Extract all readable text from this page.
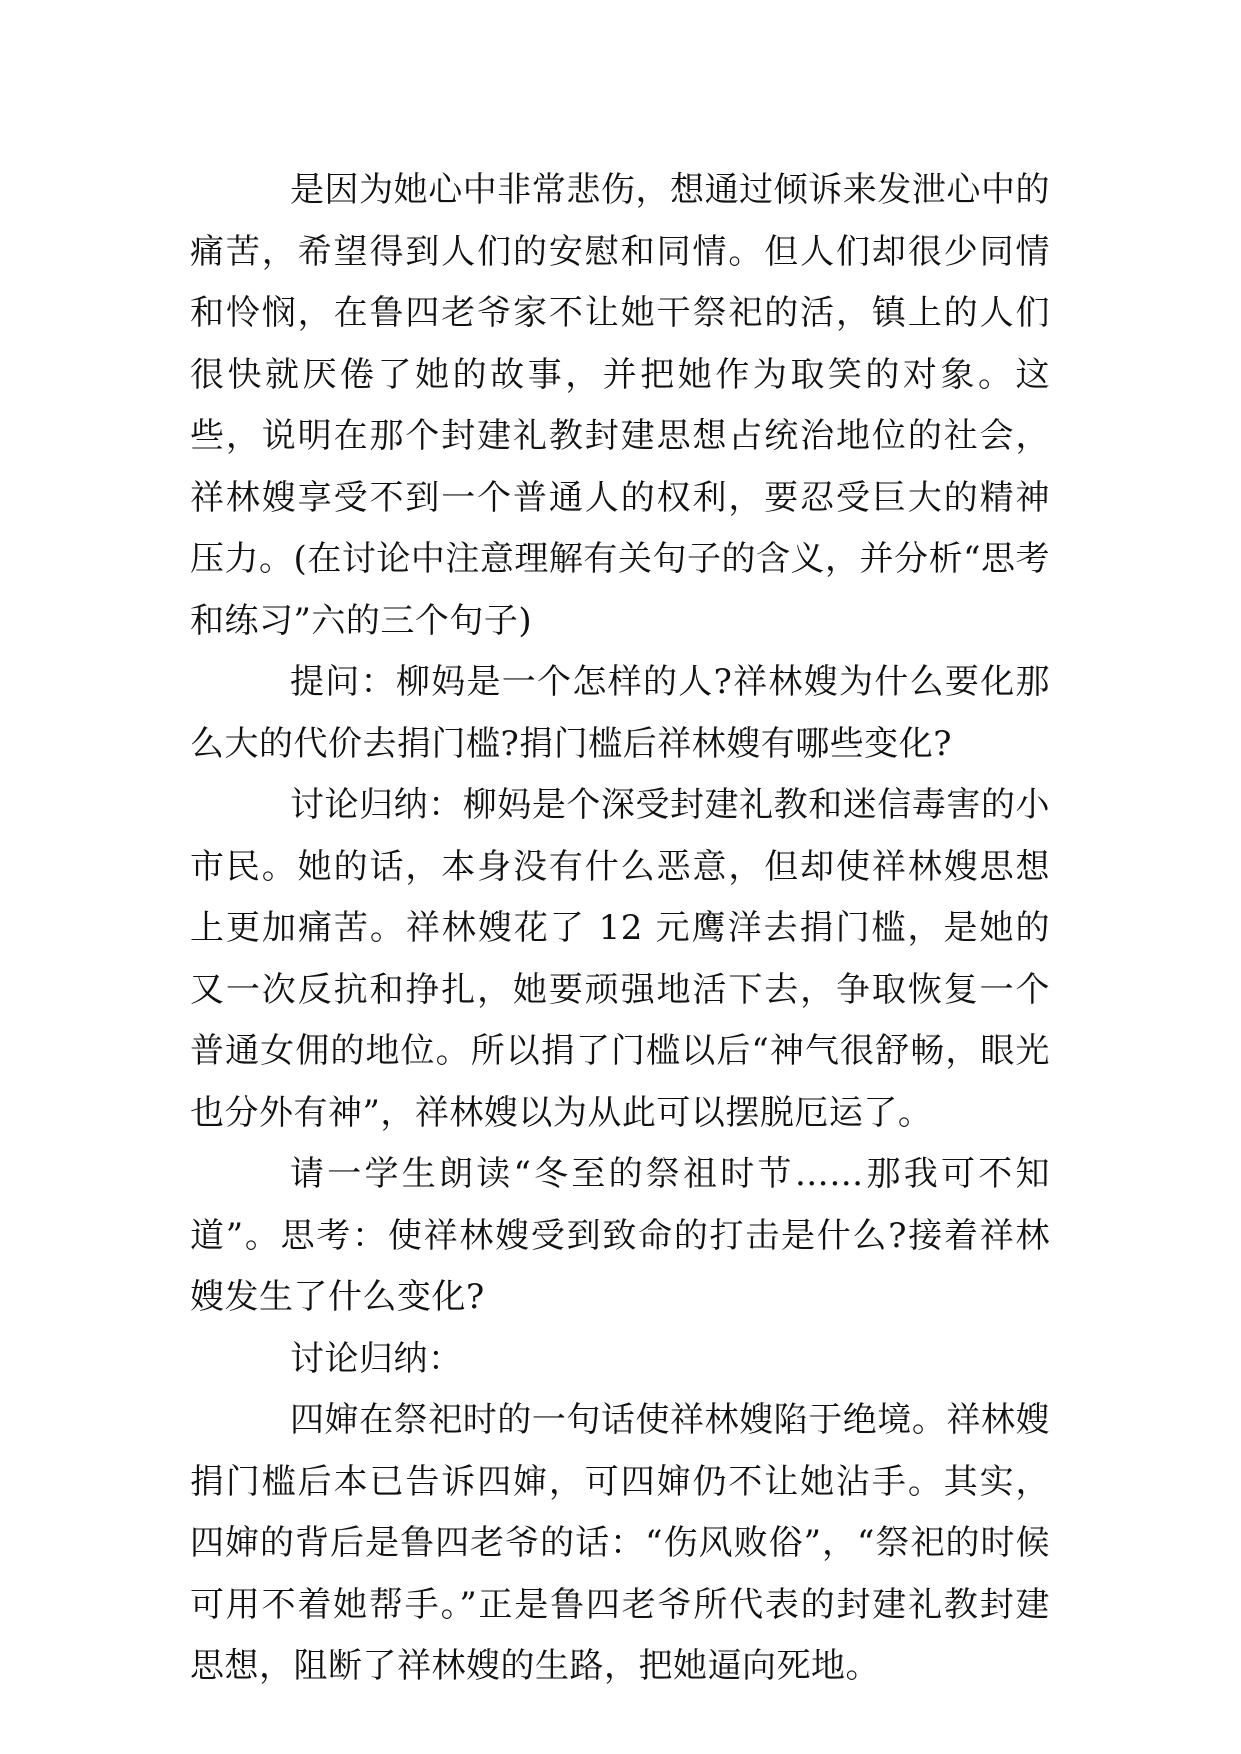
是因为她心中非常悲伤，想通过倾诉来发泄心中的痛苦，希望得到人们的安慰和同情。但人们却很少同情和怜悯，在鲁四老爷家不让她干祭祀的活，镇上的人们很快就厌倦了她的故事，并把她作为取笑的对象。这些，说明在那个封建礼教封建思想占统治地位的社会，祥林嫂享受不到一个普通人的权利，要忍受巨大的精神压力。(在讨论中注意理解有关句子的含义，并分析“思考和练习”六的三个句子)

提问：柳妈是一个怎样的人?祥林嫂为什么要化那么大的代价去捐门槛?捐门槛后祥林嫂有哪些变化?

讨论归纳：柳妈是个深受封建礼教和迷信毒害的小市民。她的话，本身没有什么恶意，但却使祥林嫂思想上更加痛苦。祥林嫂花了 12 元鹰洋去捐门槛，是她的又一次反抗和挣扎，她要顽强地活下去，争取恢复一个普通女佣的地位。所以捐了门槛以后“神气很舒畅，眼光也分外有神”，祥林嫂以为从此可以摆脱厄运了。

请一学生朗读“冬至的祭祖时节……那我可不知道”。思考：使祥林嫂受到致命的打击是什么?接着祥林嫂发生了什么变化?

讨论归纳：

四婶在祭祀时的一句话使祥林嫂陷于绝境。祥林嫂捐门槛后本已告诉四婶，可四婶仍不让她沾手。其实，四婶的背后是鲁四老爷的话：“伤风败俗”，“祭祀的时候可用不着她帮手。”正是鲁四老爷所代表的封建礼教封建思想，阻断了祥林嫂的生路，把她逼向死地。
